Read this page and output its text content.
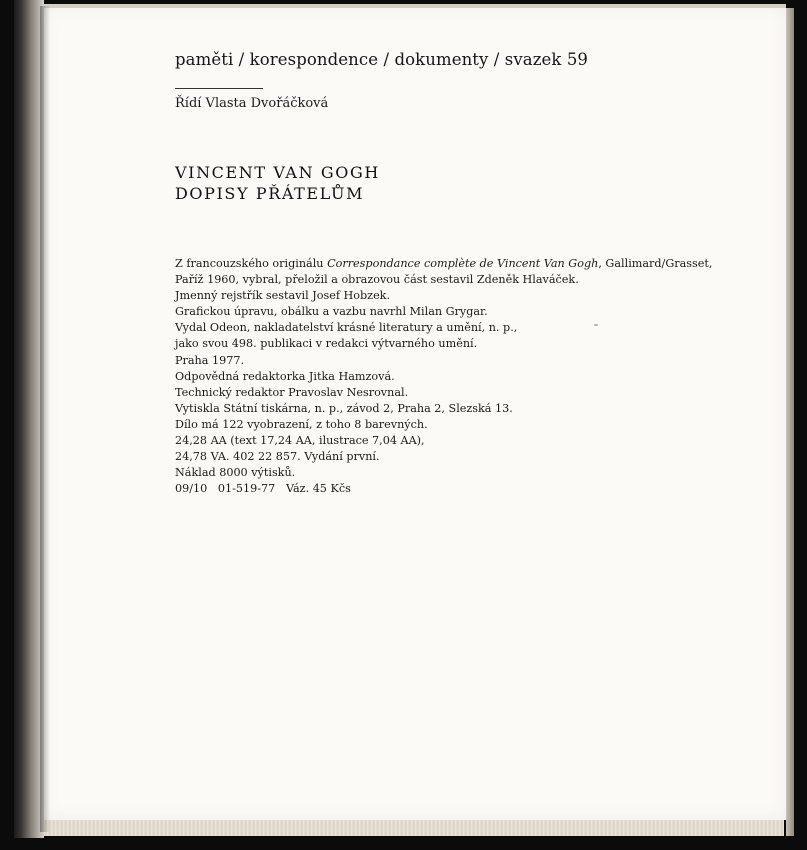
paměti / korespondence / dokumenty / svazek 59
Řídí Vlasta Dvořáčková
VINCENT VAN GOGH
DOPISY PŘÁTELŮM
Z francouzského originálu Correspondance complète de Vincent Van Gogh, Gallimard/Grasset,
Paříž 1960, vybral, přeložil a obrazovou část sestavil Zdeněk Hlaváček.
Jmenný rejstřík sestavil Josef Hobzek.
Grafickou úpravu, obálku a vazbu navrhl Milan Grygar.
Vydal Odeon, nakladatelství krásné literatury a umění, n. p.,
jako svou 498. publikaci v redakci výtvarného umění.
Praha 1977.
Odpovědná redaktorka Jitka Hamzová.
Technický redaktor Pravoslav Nesrovnal.
Vytiskla Státní tiskárna, n. p., závod 2, Praha 2, Slezská 13.
Dílo má 122 vyobrazení, z toho 8 barevných.
24,28 AA (text 17,24 AA, ilustrace 7,04 AA),
24,78 VA. 402 22 857. Vydání první.
Náklad 8000 výtisků.
09/10   01-519-77   Váz. 45 Kčs
